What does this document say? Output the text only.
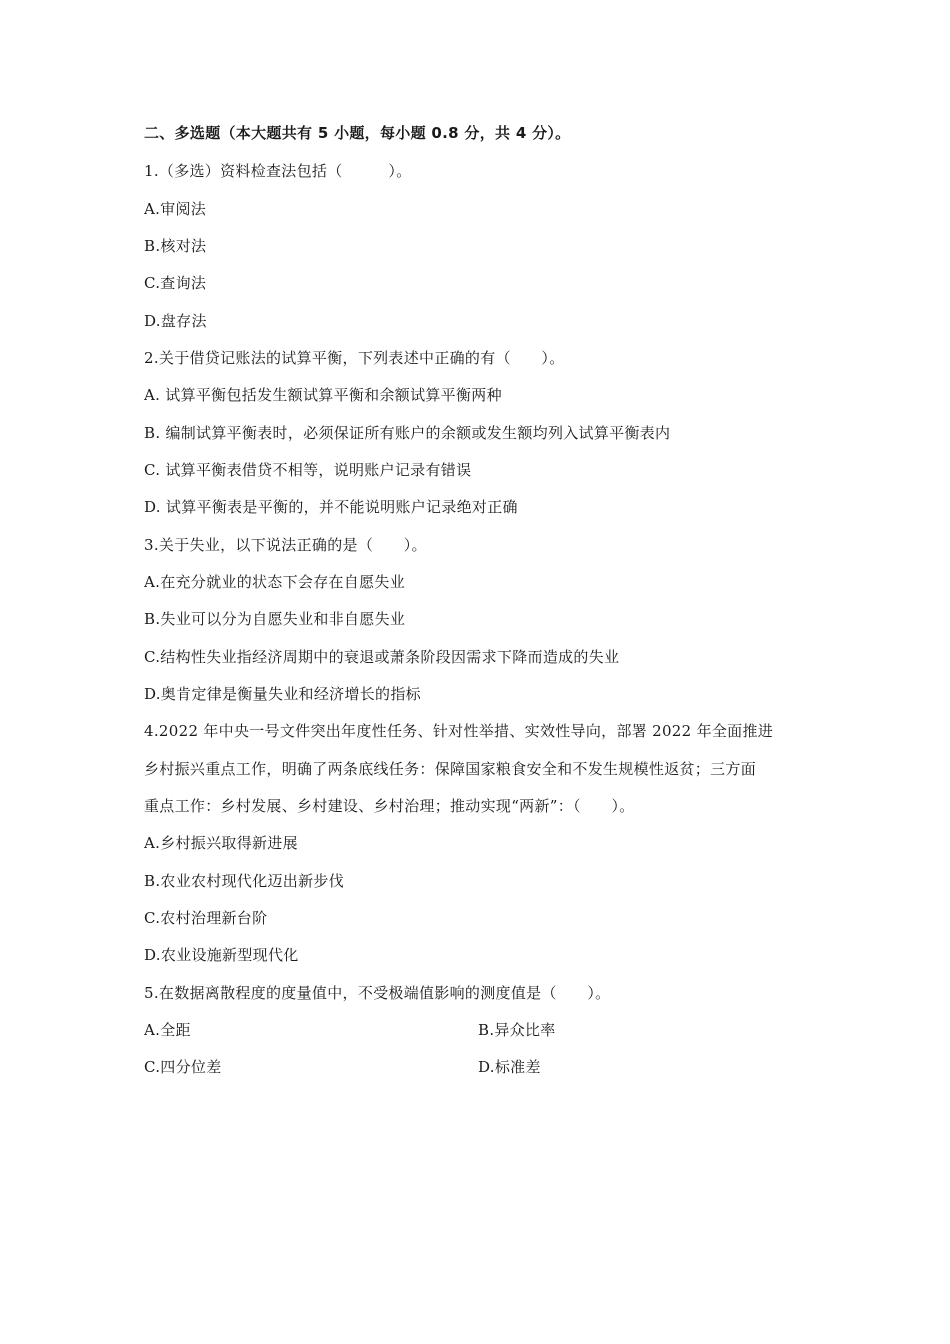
二、多选题（本大题共有 5 小题，每小题 0.8 分，共 4 分）。
1.（多选）资料检查法包括（　　　）。
A.审阅法
B.核对法
C.查询法
D.盘存法
2.关于借贷记账法的试算平衡，下列表述中正确的有（　　）。
A. 试算平衡包括发生额试算平衡和余额试算平衡两种
B. 编制试算平衡表时，必须保证所有账户的余额或发生额均列入试算平衡表内
C. 试算平衡表借贷不相等，说明账户记录有错误
D. 试算平衡表是平衡的，并不能说明账户记录绝对正确
3.关于失业，以下说法正确的是（　　）。
A.在充分就业的状态下会存在自愿失业
B.失业可以分为自愿失业和非自愿失业
C.结构性失业指经济周期中的衰退或萧条阶段因需求下降而造成的失业
D.奥肯定律是衡量失业和经济增长的指标
4.2022 年中央一号文件突出年度性任务、针对性举措、实效性导向，部署 2022 年全面推进
乡村振兴重点工作，明确了两条底线任务：保障国家粮食安全和不发生规模性返贫；三方面
重点工作：乡村发展、乡村建设、乡村治理；推动实现“两新”：（　　）。
A.乡村振兴取得新进展
B.农业农村现代化迈出新步伐
C.农村治理新台阶
D.农业设施新型现代化
5.在数据离散程度的度量值中，不受极端值影响的测度值是（　　）。
A.全距	B.异众比率
C.四分位差	D.标准差
